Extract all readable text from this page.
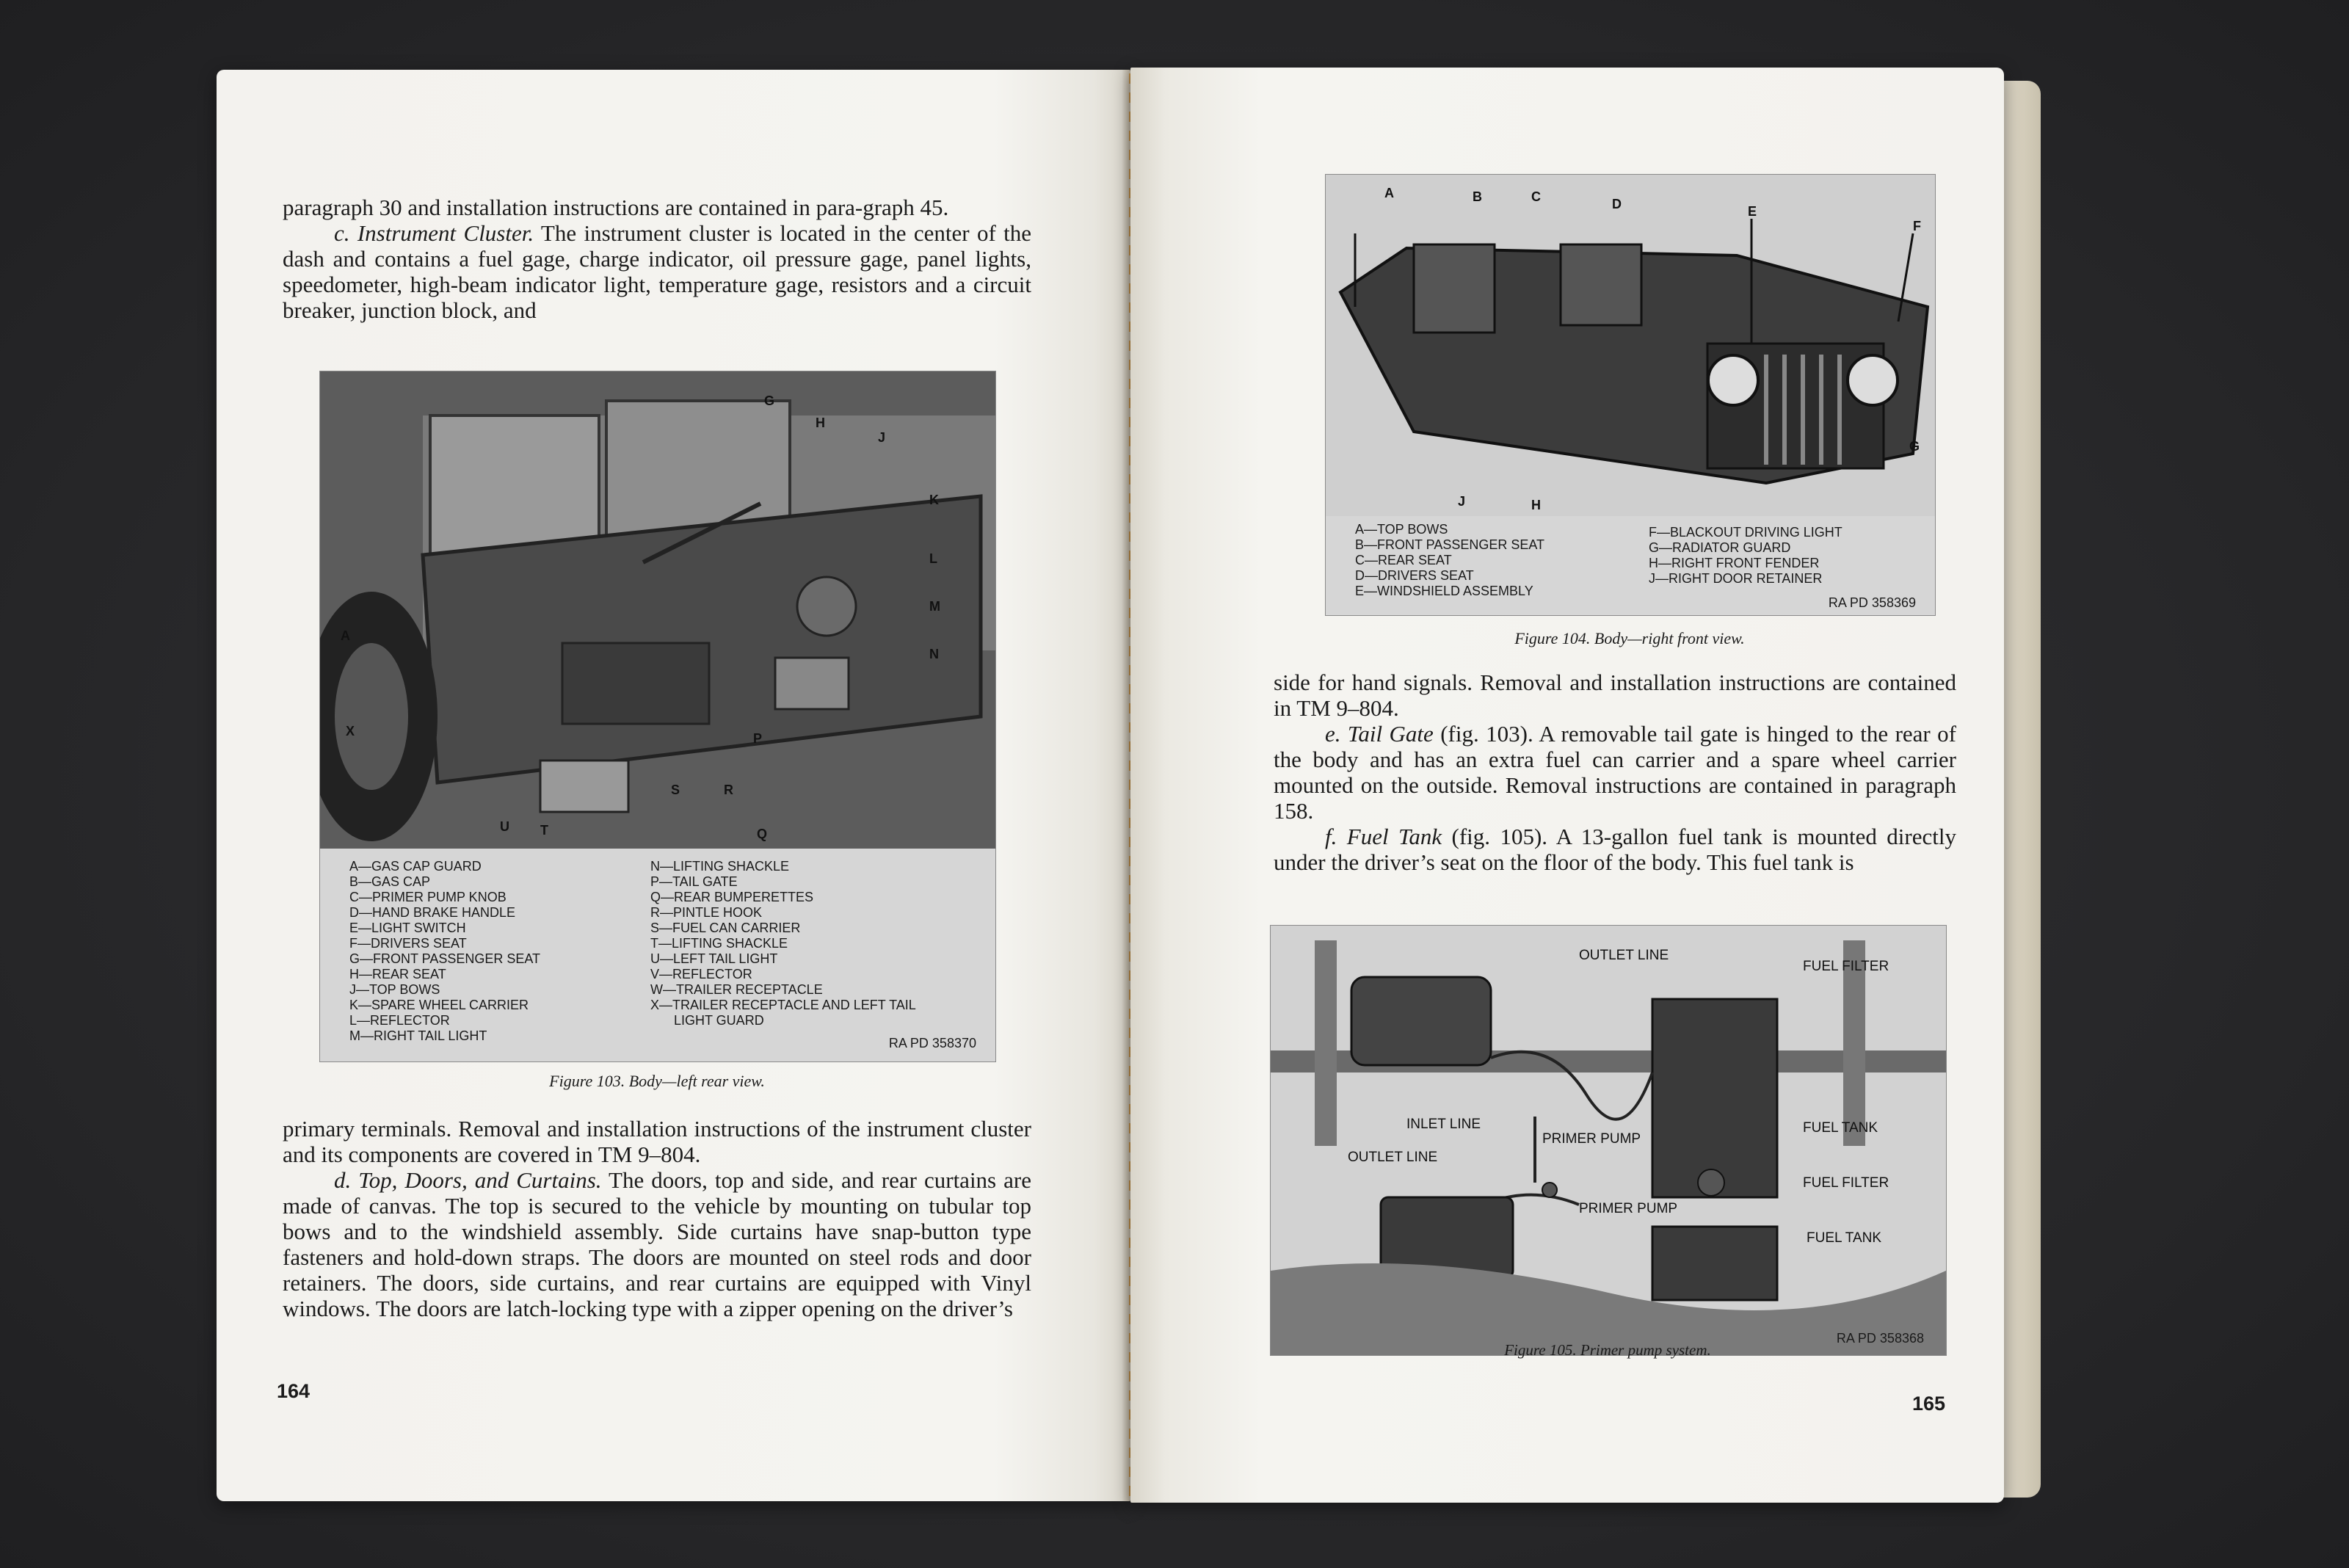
paragraph 30 and installation instructions are contained in para-graph 45.

c. Instrument Cluster. The instrument cluster is located in the center of the dash and contains a fuel gage, charge indicator, oil pressure gage, panel lights, speedometer, high-beam indicator light, temperature gage, resistors and a circuit breaker, junction block, and

G
H
J
K
L
M
N
A
X
U T
S	R
P
Q
A—GAS CAP GUARD
B—GAS CAP
C—PRIMER PUMP KNOB
D—HAND BRAKE HANDLE
E—LIGHT SWITCH
F—DRIVERS SEAT
G—FRONT PASSENGER SEAT
H—REAR SEAT
J—TOP BOWS
K—SPARE WHEEL CARRIER
L—REFLECTOR
M—RIGHT TAIL LIGHT
N—LIFTING SHACKLE
P—TAIL GATE
Q—REAR BUMPERETTES
R—PINTLE HOOK
S—FUEL CAN CARRIER
T—LIFTING SHACKLE
U—LEFT TAIL LIGHT
V—REFLECTOR
W—TRAILER RECEPTACLE
X—TRAILER RECEPTACLE AND LEFT TAIL
LIGHT GUARD
RA PD 358370
Figure 103. Body—left rear view.

primary terminals. Removal and installation instructions of the instrument cluster and its components are covered in TM 9–804.

d. Top, Doors, and Curtains. The doors, top and side, and rear curtains are made of canvas. The top is secured to the vehicle by mounting on tubular top bows and to the windshield assembly. Side curtains have snap-button type fasteners and hold-down straps. The doors are mounted on steel rods and door retainers. The doors, side curtains, and rear curtains are equipped with Vinyl windows. The doors are latch-locking type with a zipper opening on the driver’s

164
A	B	C	D	E
F
G
J	H
A—TOP BOWS
B—FRONT PASSENGER SEAT
C—REAR SEAT
D—DRIVERS SEAT
E—WINDSHIELD ASSEMBLY
F—BLACKOUT DRIVING LIGHT
G—RADIATOR GUARD
H—RIGHT FRONT FENDER
J—RIGHT DOOR RETAINER
RA PD 358369
Figure 104. Body—right front view.

side for hand signals. Removal and installation instructions are contained in TM 9–804.

e. Tail Gate (fig. 103). A removable tail gate is hinged to the rear of the body and has an extra fuel can carrier and a spare wheel carrier mounted on the outside. Removal instructions are contained in paragraph 158.

f. Fuel Tank (fig. 105). A 13-gallon fuel tank is mounted directly under the driver’s seat on the floor of the body. This fuel tank is

OUTLET LINE
FUEL FILTER
INLET LINE
PRIMER PUMP
FUEL TANK
OUTLET LINE
FUEL FILTER
PRIMER PUMP
FUEL TANK
RA PD 358368
Figure 105. Primer pump system.
165
